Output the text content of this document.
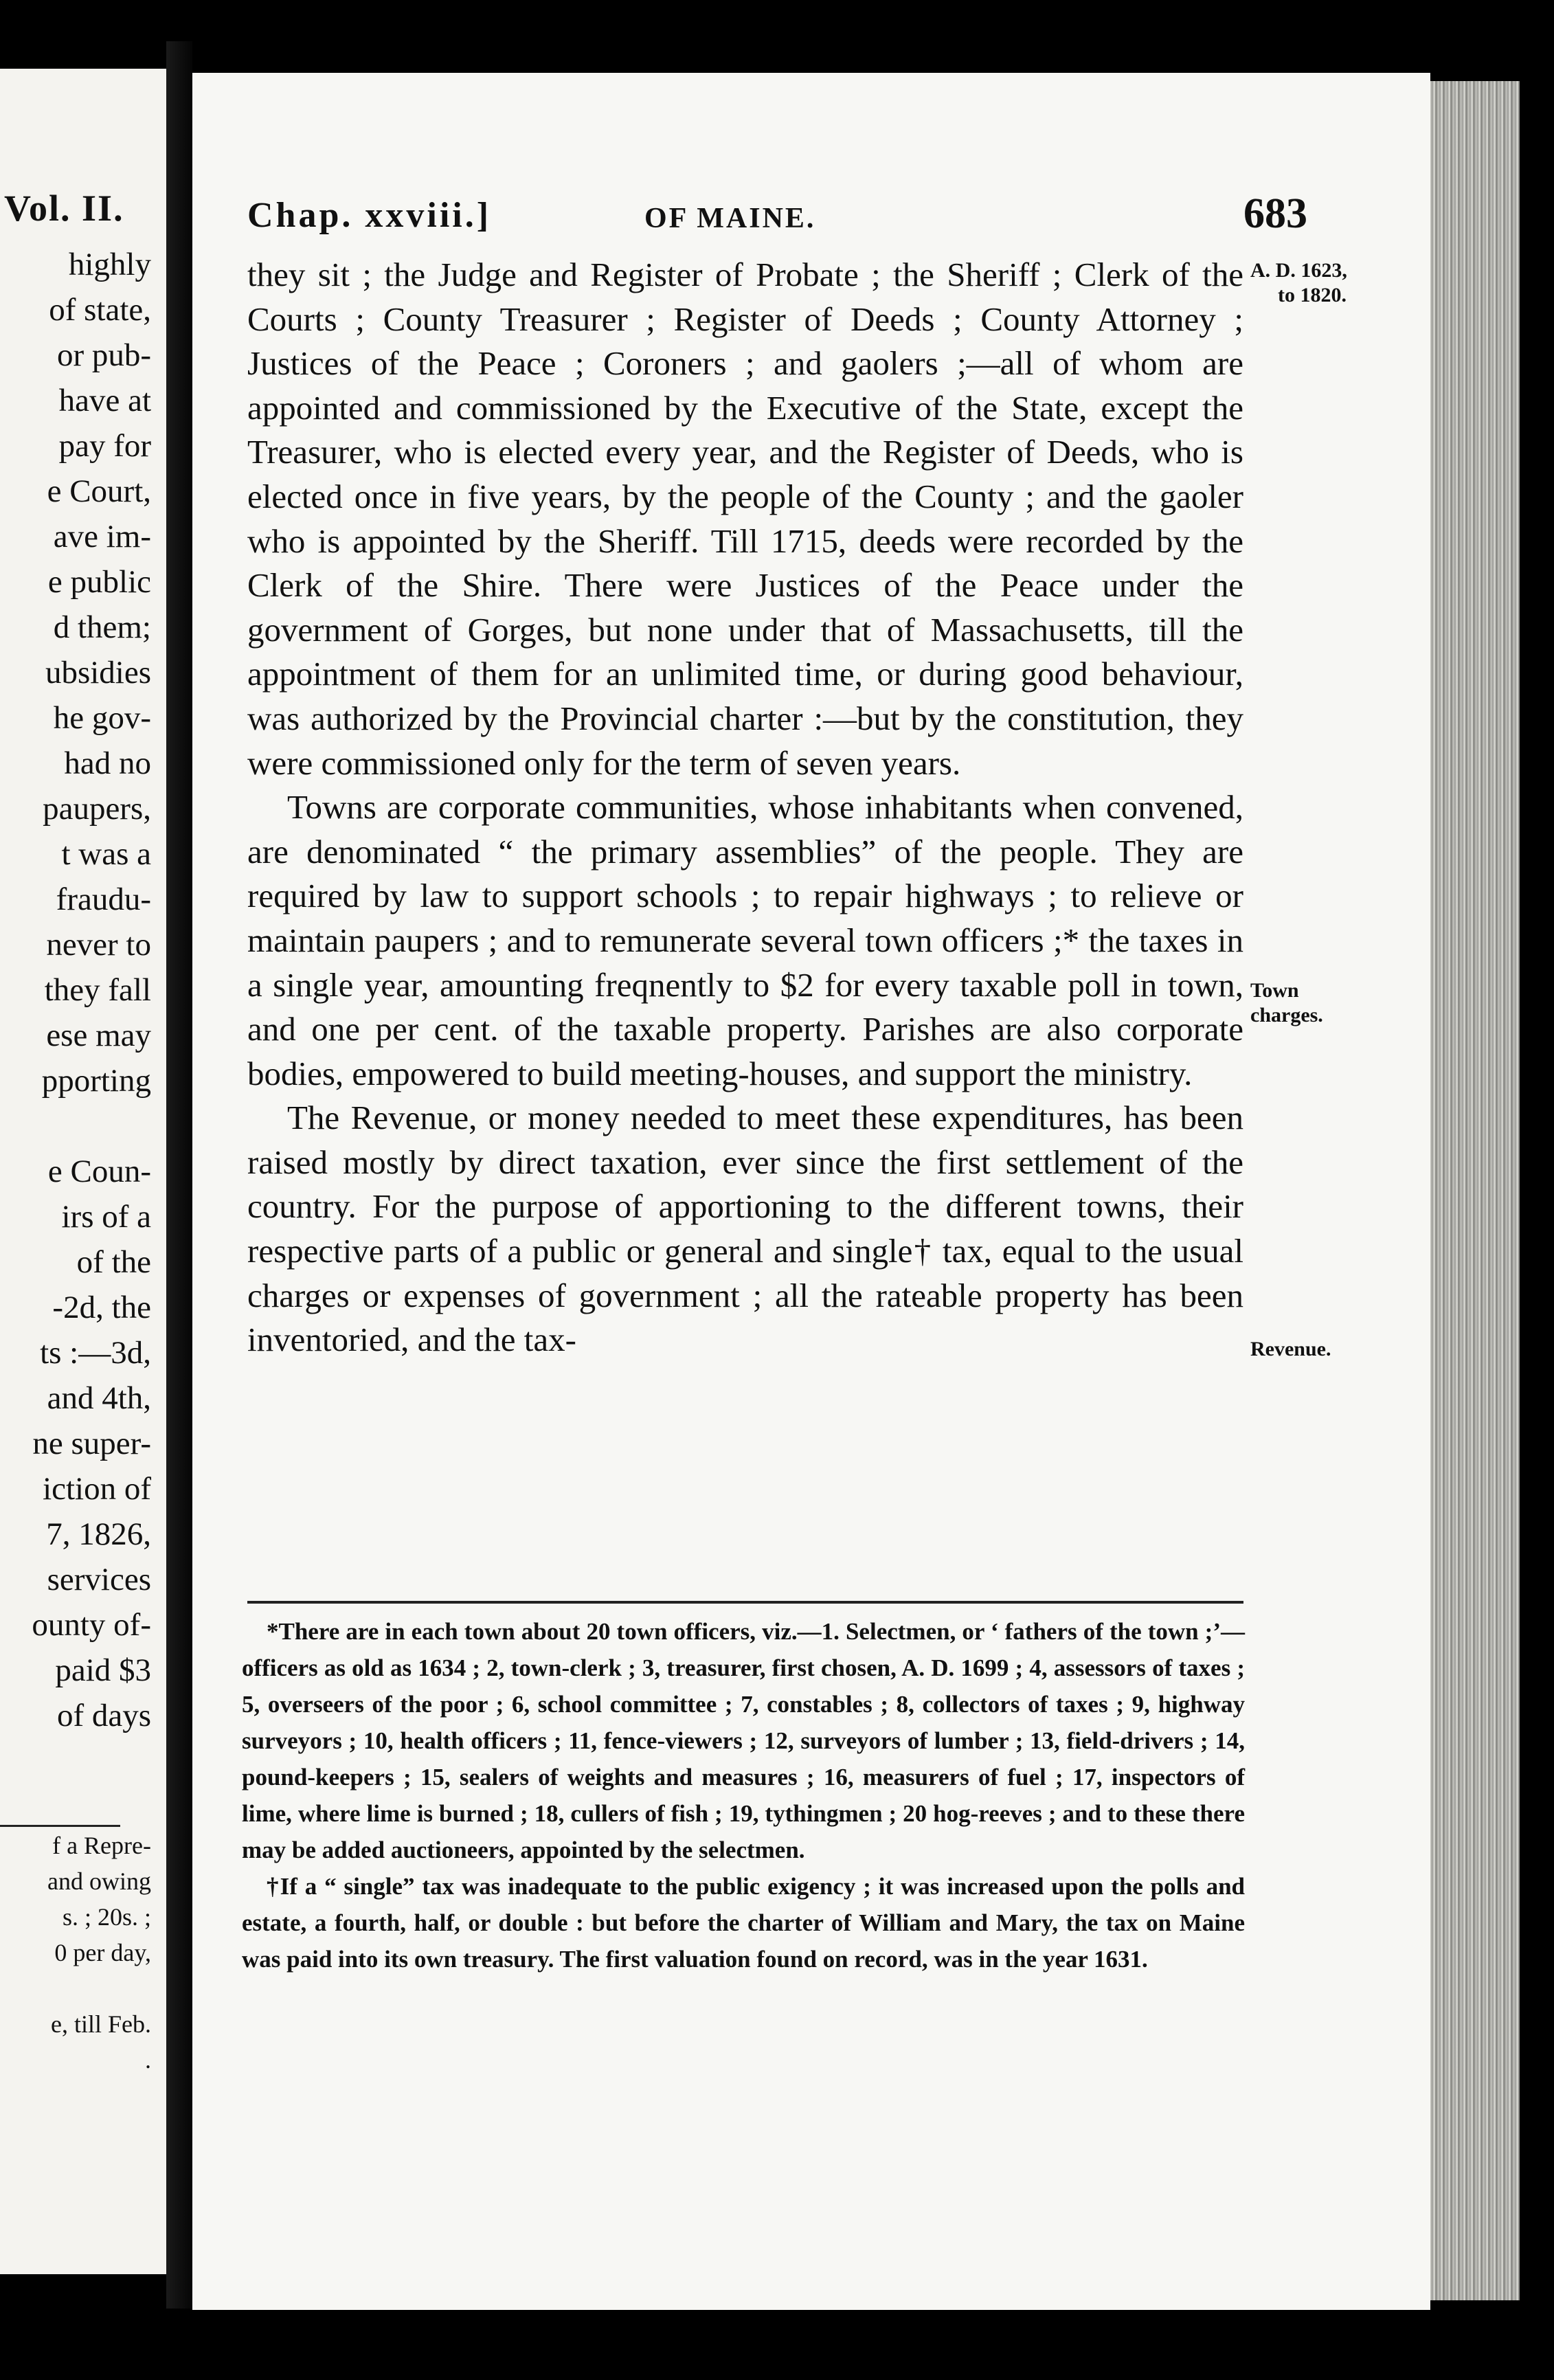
Vol. II.
highly
of state,
or pub-
have at
pay for
e Court,
ave im-
e public
d them;
ubsidies
he gov-
had no
paupers,
t was a
fraudu-
never to
they fall
ese may
pporting

e Coun-
irs of a
of the
-2d, the
ts :—3d,
and 4th,
ne super-
iction of
7, 1826,
services
ounty of-
paid $3
of days
f a Repre-
and owing
s. ; 20s. ;
0 per day,

e, till Feb.
.
Chap. xxviii.]	OF MAINE.	683
A. D. 1623,
to 1820.
Town
charges.
Revenue.

they sit ; the Judge and Register of Probate ; the Sheriff ; Clerk of the Courts ; County Treasurer ; Register of Deeds ; County Attorney ; Justices of the Peace ; Coroners ; and gaolers ;—all of whom are appointed and commissioned by the Executive of the State, except the Treasurer, who is elected every year, and the Register of Deeds, who is elected once in five years, by the people of the County ; and the gaoler who is appointed by the Sheriff. Till 1715, deeds were recorded by the Clerk of the Shire. There were Justices of the Peace under the government of Gorges, but none under that of Massachusetts, till the appointment of them for an unlimited time, or during good behaviour, was authorized by the Provincial charter :—but by the constitution, they were commissioned only for the term of seven years.

Towns are corporate communities, whose inhabitants when convened, are denominated “ the primary assemblies” of the people. They are required by law to support schools ; to repair highways ; to relieve or maintain paupers ; and to remunerate several town officers ;* the taxes in a single year, amounting freqnently to $2 for every taxable poll in town, and one per cent. of the taxable property. Parishes are also corporate bodies, empowered to build meeting-houses, and support the ministry.

The Revenue, or money needed to meet these expenditures, has been raised mostly by direct taxation, ever since the first settlement of the country. For the purpose of apportioning to the different towns, their respective parts of a public or general and single† tax, equal to the usual charges or expenses of government ; all the rateable property has been inventoried, and the tax-

*There are in each town about 20 town officers, viz.—1. Selectmen, or ‘ fathers of the town ;’—officers as old as 1634 ; 2, town-clerk ; 3, treasurer, first chosen, A. D. 1699 ; 4, assessors of taxes ; 5, overseers of the poor ; 6, school committee ; 7, constables ; 8, collectors of taxes ; 9, highway surveyors ; 10, health officers ; 11, fence-viewers ; 12, surveyors of lumber ; 13, field-drivers ; 14, pound-keepers ; 15, sealers of weights and measures ; 16, measurers of fuel ; 17, inspectors of lime, where lime is burned ; 18, cullers of fish ; 19, tythingmen ; 20 hog-reeves ; and to these there may be added auctioneers, appointed by the selectmen.

†If a “ single” tax was inadequate to the public exigency ; it was increased upon the polls and estate, a fourth, half, or double : but before the charter of William and Mary, the tax on Maine was paid into its own treasury. The first valuation found on record, was in the year 1631.
